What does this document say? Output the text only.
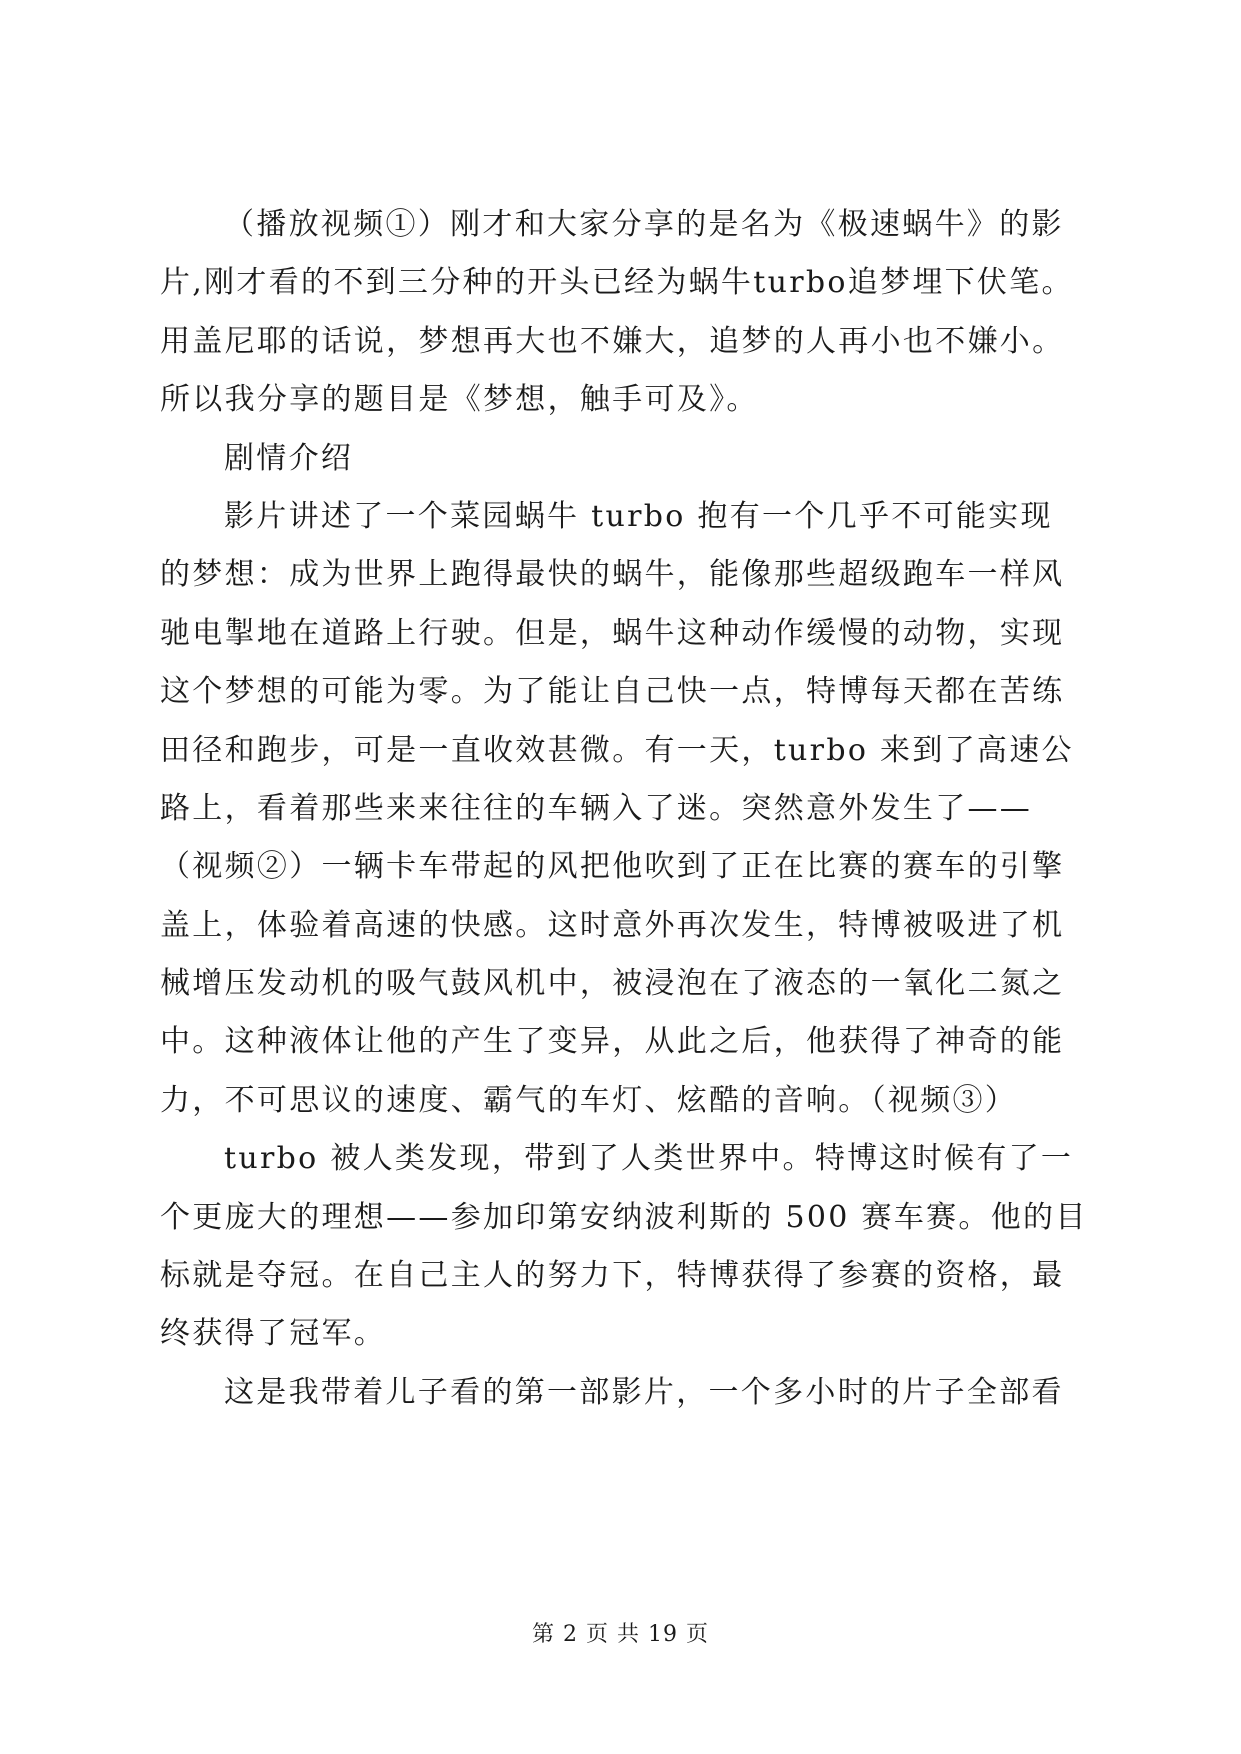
（播放视频①）刚才和大家分享的是名为《极速蜗牛》的影
片,刚才看的不到三分种的开头已经为蜗牛turbo追梦埋下伏笔。
用盖尼耶的话说，梦想再大也不嫌大，追梦的人再小也不嫌小。
所以我分享的题目是《梦想，触手可及》。
剧情介绍
影片讲述了一个菜园蜗牛 turbo 抱有一个几乎不可能实现
的梦想：成为世界上跑得最快的蜗牛，能像那些超级跑车一样风
驰电掣地在道路上行驶。但是，蜗牛这种动作缓慢的动物，实现
这个梦想的可能为零。为了能让自己快一点，特博每天都在苦练
田径和跑步，可是一直收效甚微。有一天，turbo 来到了高速公
路上，看着那些来来往往的车辆入了迷。突然意外发生了——
（视频②）一辆卡车带起的风把他吹到了正在比赛的赛车的引擎
盖上，体验着高速的快感。这时意外再次发生，特博被吸进了机
械增压发动机的吸气鼓风机中，被浸泡在了液态的一氧化二氮之
中。这种液体让他的产生了变异，从此之后，他获得了神奇的能
力，不可思议的速度、霸气的车灯、炫酷的音响。（视频③）
turbo 被人类发现，带到了人类世界中。特博这时候有了一
个更庞大的理想——参加印第安纳波利斯的 500 赛车赛。他的目
标就是夺冠。在自己主人的努力下，特博获得了参赛的资格，最
终获得了冠军。
这是我带着儿子看的第一部影片，一个多小时的片子全部看
第 2 页 共 19 页
